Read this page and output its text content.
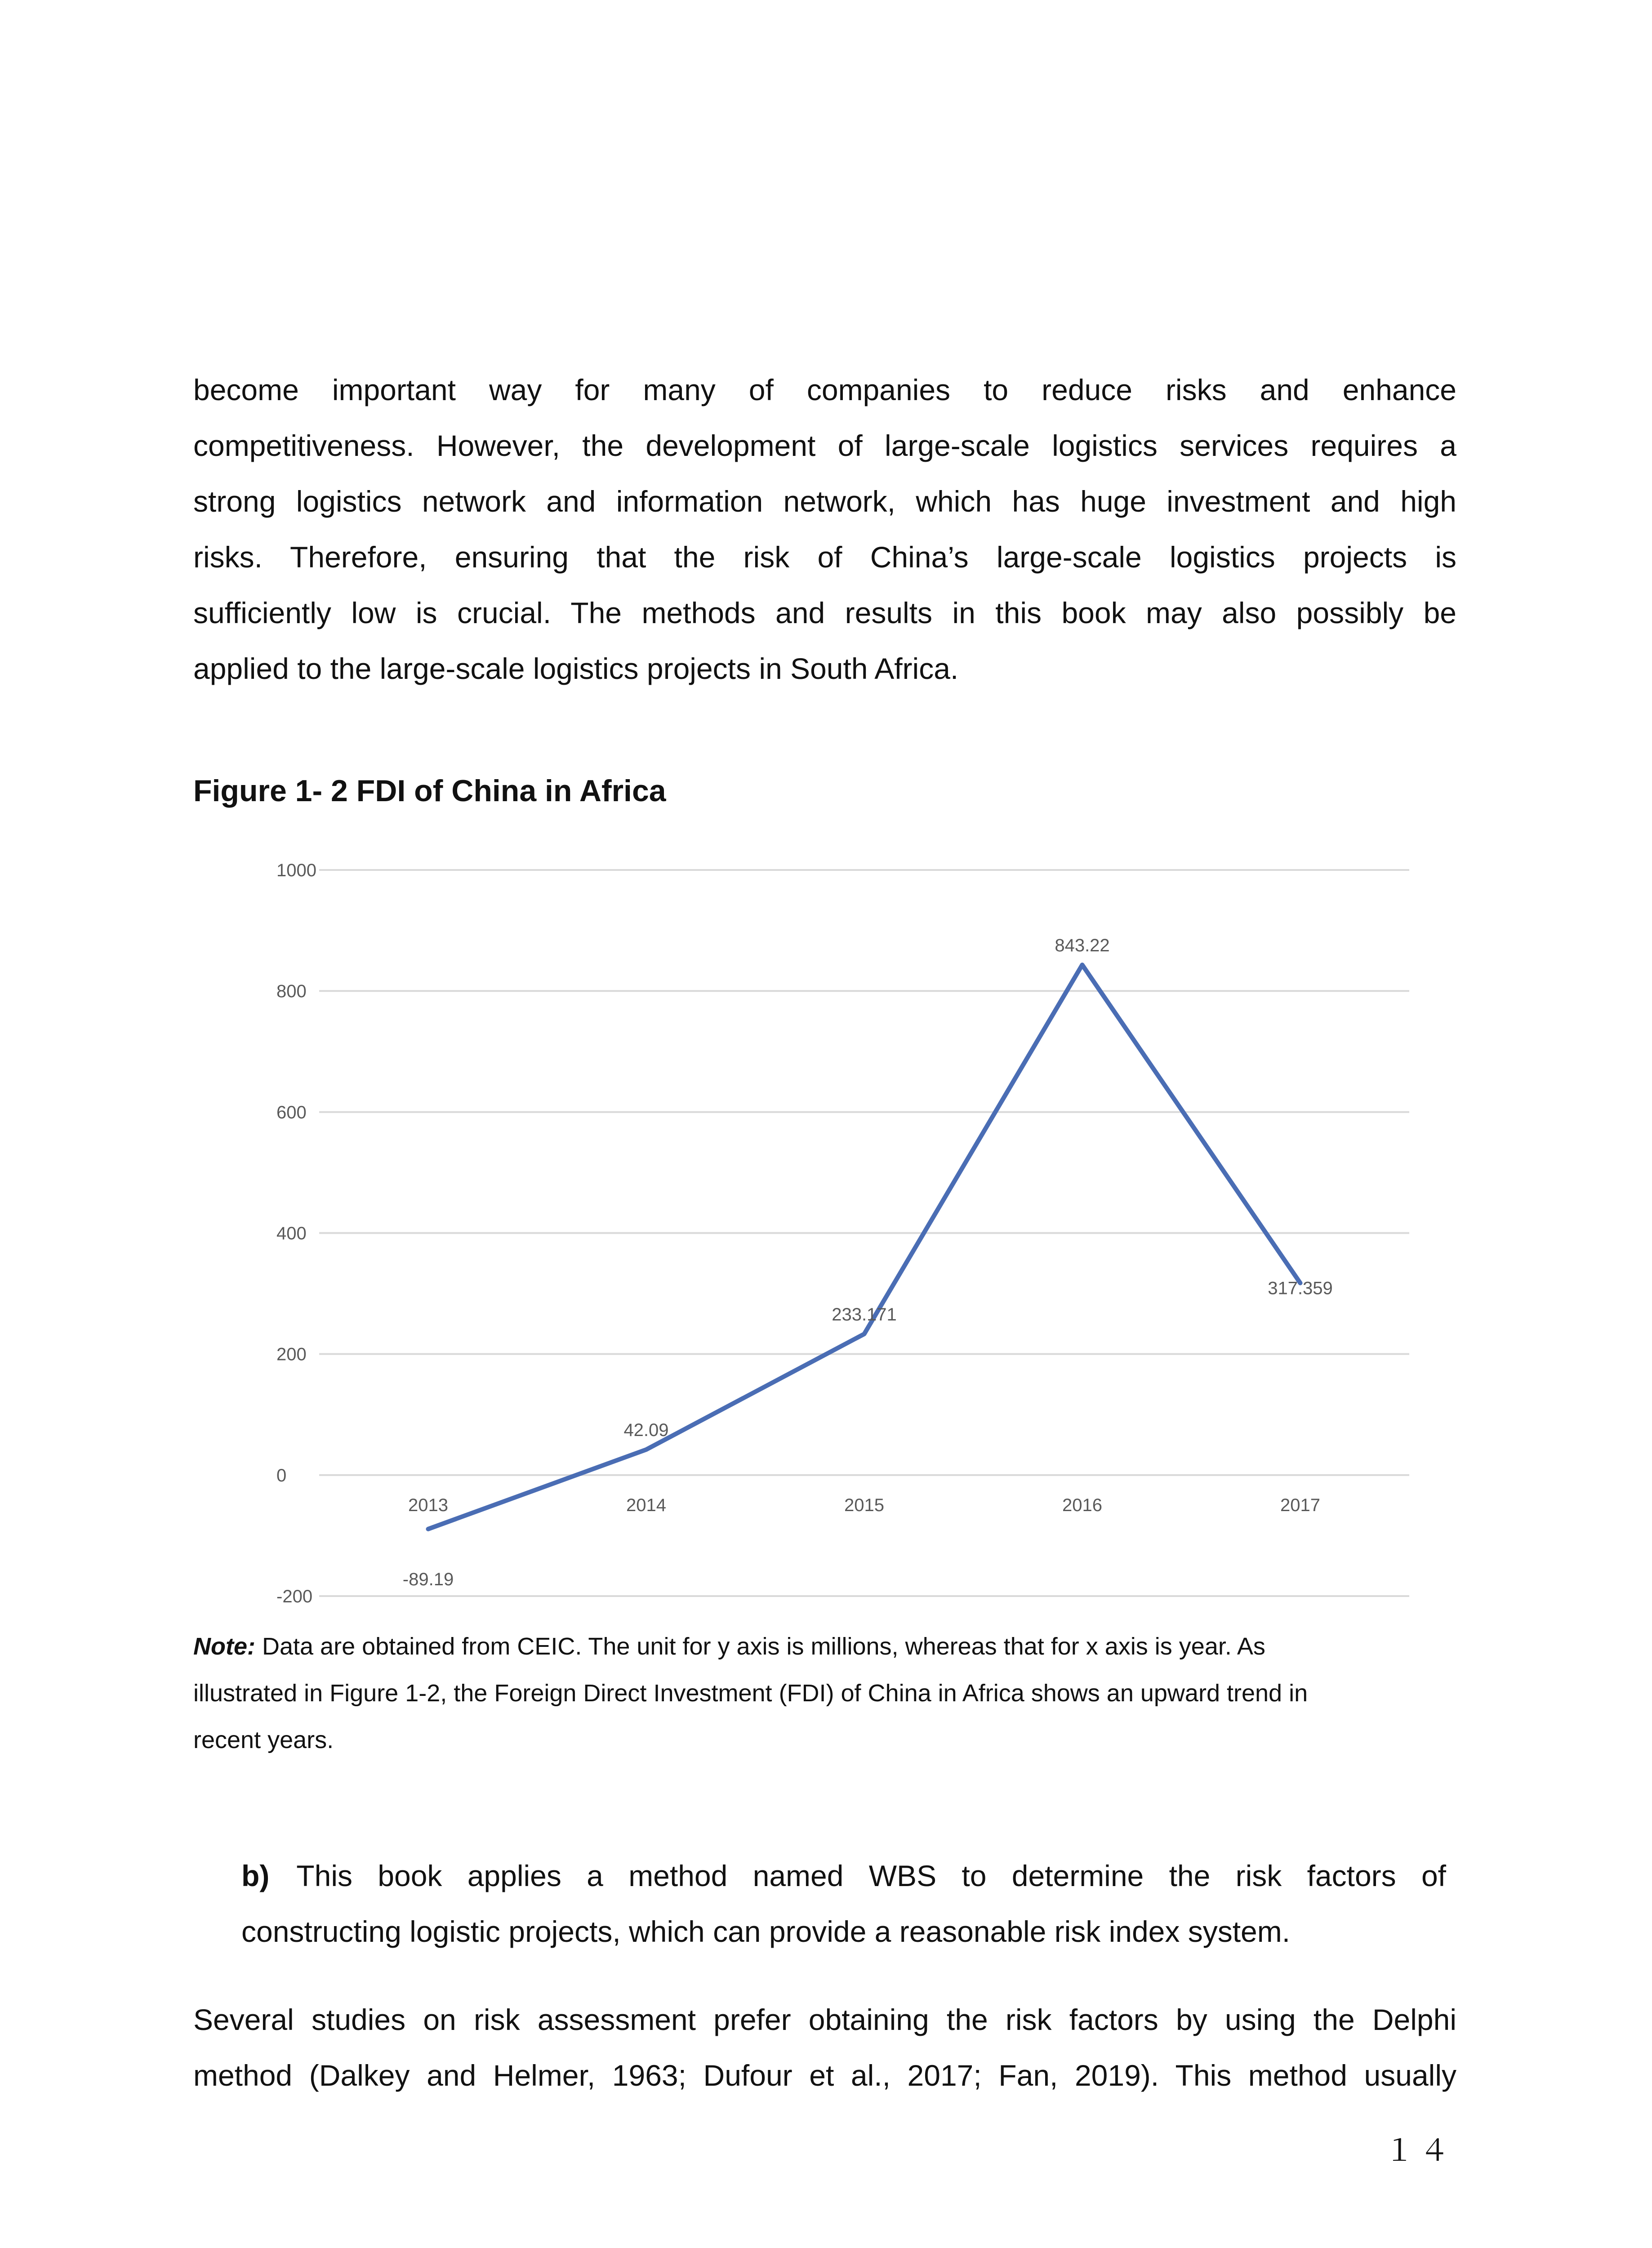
become important way for many of companies to reduce risks and enhance
competitiveness. However, the development of large-scale logistics services requires a
strong logistics network and information network, which has huge investment and high
risks. Therefore, ensuring that the risk of China’s large-scale logistics projects is
sufficiently low is crucial. The methods and results in this book may also possibly be
applied to the large-scale logistics projects in South Africa.
Figure 1- 2 FDI of China in Africa
-200
0
200
400
600
800
1000
2013	2014	2015	2016	2017
-89.19
42.09
233.171
843.22
317.359
Note: Data are obtained from CEIC. The unit for y axis is millions, whereas that for x axis is year. As
illustrated in Figure 1-2, the Foreign Direct Investment (FDI) of China in Africa shows an upward trend in
recent years.
b) This book applies a method named WBS to determine the risk factors of
constructing logistic projects, which can provide a reasonable risk index system.
Several studies on risk assessment prefer obtaining the risk factors by using the Delphi
method (Dalkey and Helmer, 1963; Dufour et al., 2017; Fan, 2019). This method usually
１４
